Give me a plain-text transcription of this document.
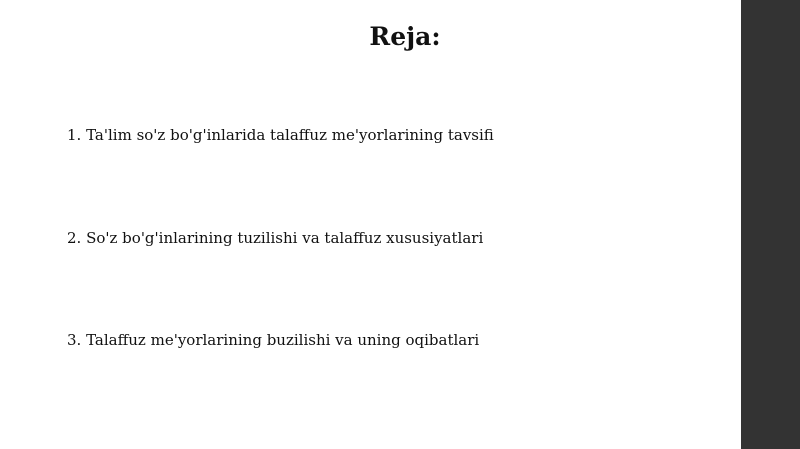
Reja:
1. Ta'lim so'z bo'g'inlarida talaffuz me'yorlarining tavsifi
2. So'z bo'g'inlarining tuzilishi va talaffuz xususiyatlari
3. Talaffuz me'yorlarining buzilishi va uning oqibatlari
